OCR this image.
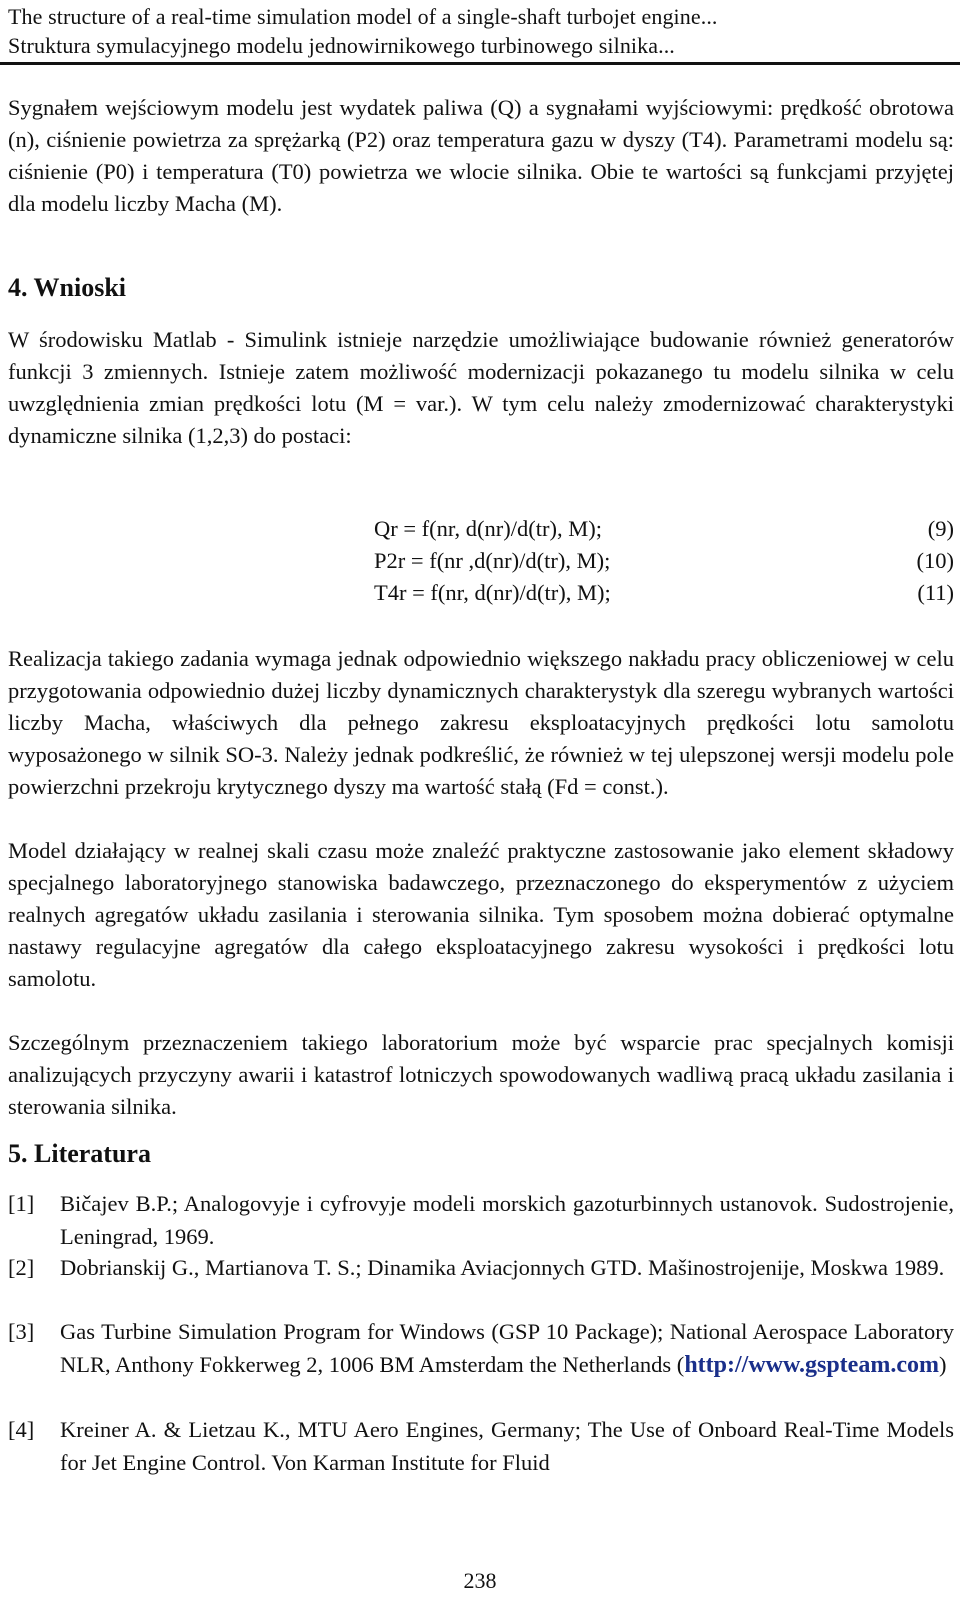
The structure of a real-time simulation model of a single-shaft turbojet engine...
Struktura symulacyjnego modelu jednowirnikowego turbinowego silnika...

Sygnałem wejściowym modelu jest wydatek paliwa (Q) a sygnałami wyjściowymi: prędkość obrotowa (n), ciśnienie powietrza za sprężarką (P2) oraz temperatura gazu w dyszy (T4). Parametrami modelu są: ciśnienie (P0) i temperatura (T0) powietrza we wlocie silnika. Obie te wartości są funkcjami przyjętej dla modelu liczby Macha (M).

4. Wnioski

W środowisku Matlab - Simulink istnieje narzędzie umożliwiające budowanie również generatorów funkcji 3 zmiennych. Istnieje zatem możliwość modernizacji pokazanego tu modelu silnika w celu uwzględnienia zmian prędkości lotu (M = var.). W tym celu należy zmodernizować charakterystyki dynamiczne silnika (1,2,3) do postaci:

Qr = f(nr, d(nr)/d(tr), M);	(9)
P2r = f(nr ,d(nr)/d(tr), M);	(10)
T4r = f(nr, d(nr)/d(tr), M);	(11)

Realizacja takiego zadania wymaga jednak odpowiednio większego nakładu pracy obliczeniowej w celu przygotowania odpowiednio dużej liczby dynamicznych charakterystyk dla szeregu wybranych wartości liczby Macha, właściwych dla pełnego zakresu eksploatacyjnych prędkości lotu samolotu wyposażonego w silnik SO-3. Należy jednak podkreślić, że również w tej ulepszonej wersji modelu pole powierzchni przekroju krytycznego dyszy ma wartość stałą (Fd = const.).

Model działający w realnej skali czasu może znaleźć praktyczne zastosowanie jako element składowy specjalnego laboratoryjnego stanowiska badawczego, przeznaczonego do eksperymentów z użyciem realnych agregatów układu zasilania i sterowania silnika. Tym sposobem można dobierać optymalne nastawy regulacyjne agregatów dla całego eksploatacyjnego zakresu wysokości i prędkości lotu samolotu.

Szczególnym przeznaczeniem takiego laboratorium może być wsparcie prac specjalnych komisji analizujących przyczyny awarii i katastrof lotniczych spowodowanych wadliwą pracą układu zasilania i sterowania silnika.

5. Literatura
[1] Bičajev B.P.; Analogovyje i cyfrovyje modeli morskich gazoturbinnych ustanovok. Sudostrojenie, Leningrad, 1969.
[2] Dobrianskij G., Martianova T. S.; Dinamika Aviacjonnych GTD. Mašinostrojenije, Moskwa 1989.
[3] Gas Turbine Simulation Program for Windows (GSP 10 Package); National Aerospace Laboratory NLR, Anthony Fokkerweg 2, 1006 BM Amsterdam the Netherlands (http://www.gspteam.com)
[4] Kreiner A. & Lietzau K., MTU Aero Engines, Germany; The Use of Onboard Real-Time Models for Jet Engine Control. Von Karman Institute for Fluid
238
